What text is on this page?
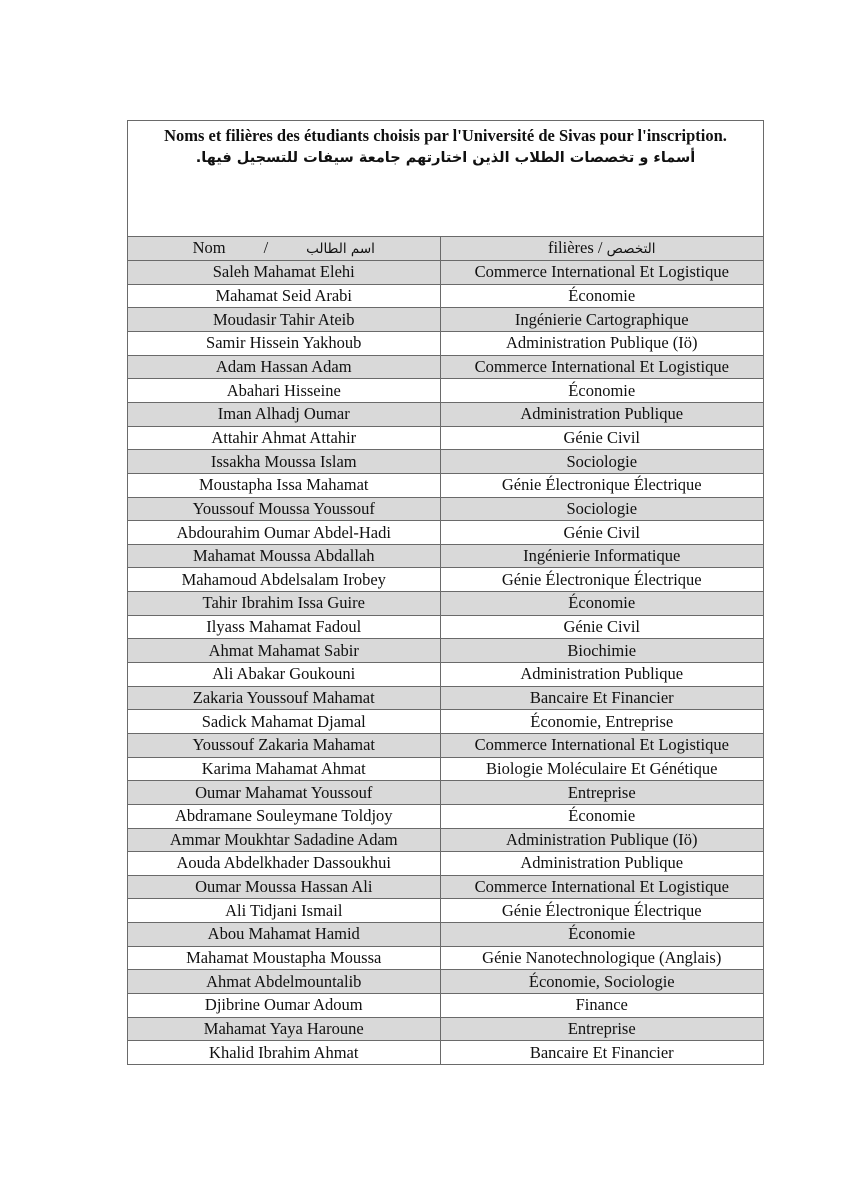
Noms et filières des étudiants choisis par l'Université de Sivas pour l'inscription.
أسماء و تخصصات الطلاب الذين اختارتهم جامعة سيفات للتسجيل فيها.
Nom / اسم الطالب	filières / التخصص
Saleh Mahamat Elehi	Commerce International Et Logistique
Mahamat Seid Arabi	Économie
Moudasir Tahir Ateib	Ingénierie Cartographique
Samir Hissein Yakhoub	Administration Publique (Iö)
Adam Hassan Adam	Commerce International Et Logistique
Abahari Hisseine	Économie
Iman Alhadj Oumar	Administration Publique
Attahir Ahmat Attahir	Génie Civil
Issakha Moussa Islam	Sociologie
Moustapha Issa Mahamat	Génie Électronique Électrique
Youssouf Moussa Youssouf	Sociologie
Abdourahim Oumar Abdel-Hadi	Génie Civil
Mahamat Moussa Abdallah	Ingénierie Informatique
Mahamoud Abdelsalam Irobey	Génie Électronique Électrique
Tahir Ibrahim Issa Guire	Économie
Ilyass Mahamat Fadoul	Génie Civil
Ahmat Mahamat Sabir	Biochimie
Ali Abakar Goukouni	Administration Publique
Zakaria Youssouf Mahamat	Bancaire Et Financier
Sadick Mahamat Djamal	Économie, Entreprise
Youssouf Zakaria Mahamat	Commerce International Et Logistique
Karima Mahamat Ahmat	Biologie Moléculaire Et Génétique
Oumar Mahamat Youssouf	Entreprise
Abdramane Souleymane Toldjoy	Économie
Ammar Moukhtar Sadadine Adam	Administration Publique (Iö)
Aouda Abdelkhader Dassoukhui	Administration Publique
Oumar Moussa Hassan Ali	Commerce International Et Logistique
Ali Tidjani Ismail	Génie Électronique Électrique
Abou Mahamat Hamid	Économie
Mahamat Moustapha Moussa	Génie Nanotechnologique (Anglais)
Ahmat Abdelmountalib	Économie, Sociologie
Djibrine Oumar Adoum	Finance
Mahamat Yaya Haroune	Entreprise
Khalid Ibrahim Ahmat	Bancaire Et Financier
